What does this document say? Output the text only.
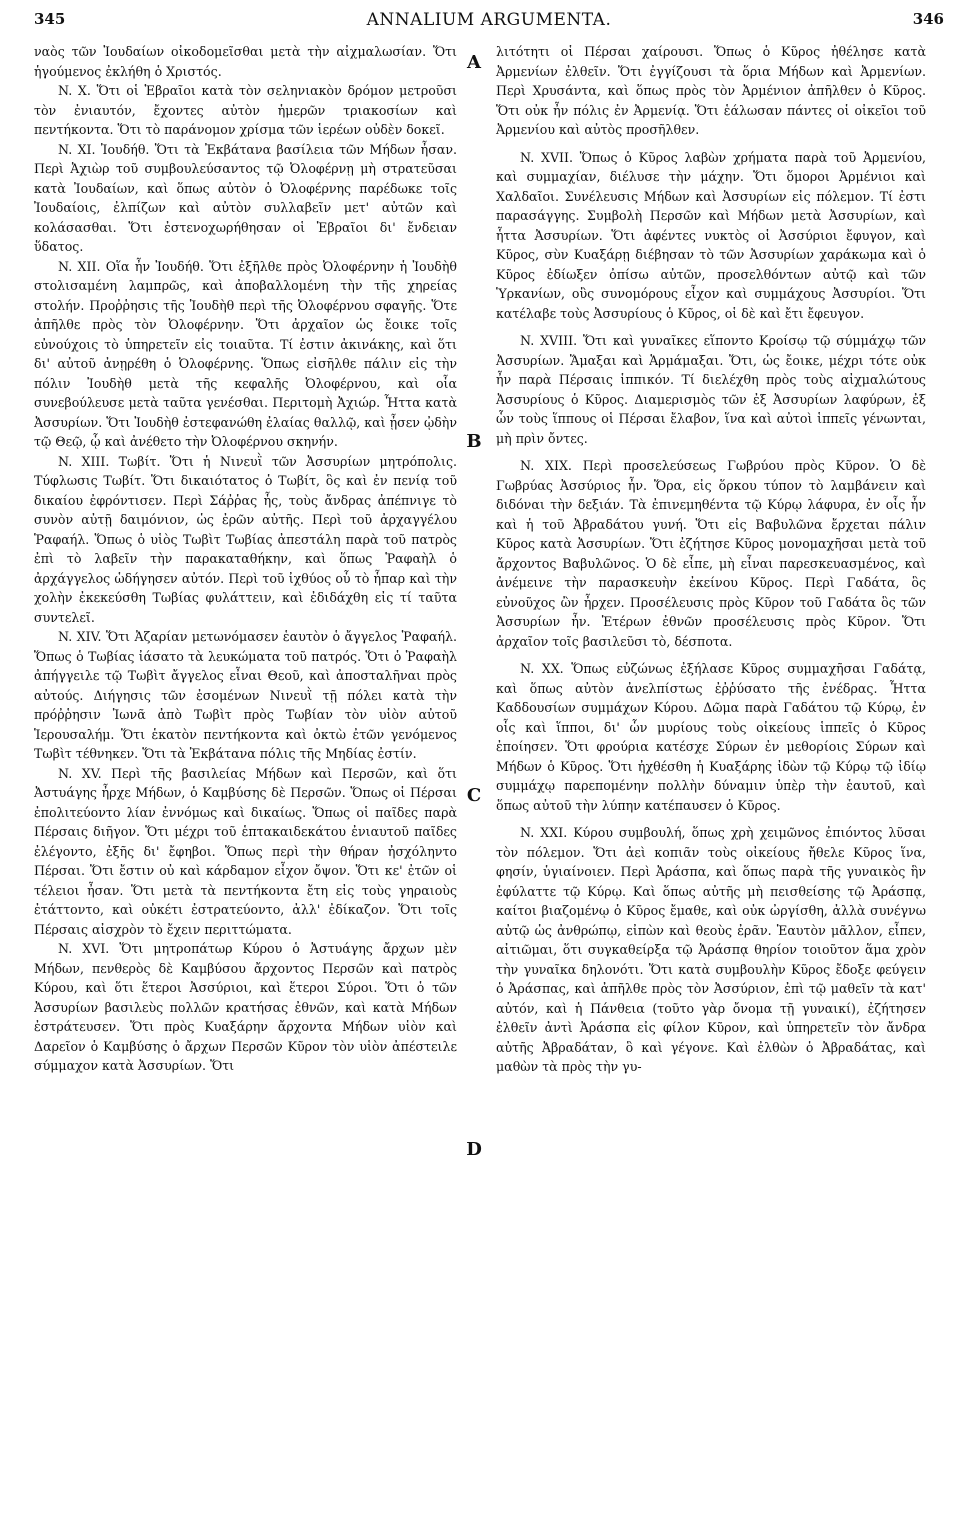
345	ANNALIUM ARGUMENTA.	346

ναὸς τῶν Ἰουδαίων οἰκοδομεῖσθαι μετὰ τὴν αἰχμαλωσίαν. Ὅτι ἡγούμενος ἐκλήθη ὁ Χριστός.

N. X. Ὅτι οἱ Ἑβραῖοι κατὰ τὸν σεληνιακὸν δρόμον μετροῦσι τὸν ἐνιαυτόν, ἔχοντες αὐτὸν ἡμερῶν τριακοσίων καὶ πεντήκοντα. Ὅτι τὸ παράνομον χρίσμα τῶν ἱερέων οὐδὲν δοκεῖ.

N. XI. Ἰουδήθ. Ὅτι τὰ Ἐκβάτανα βασίλεια τῶν Μήδων ἦσαν. Περὶ Ἀχιὼρ τοῦ συμβουλεύσαντος τῷ Ὀλοφέρνῃ μὴ στρατεῦσαι κατὰ Ἰουδαίων, καὶ ὅπως αὐτὸν ὁ Ὀλοφέρνης παρέδωκε τοῖς Ἰουδαίοις, ἐλπίζων καὶ αὐτὸν συλλαβεῖν μετ' αὐτῶν καὶ κολάσασθαι. Ὅτι ἐστενοχωρήθησαν οἱ Ἑβραῖοι δι' ἔνδειαν ὕδατος.

N. XII. Οἵα ἦν Ἰουδήθ. Ὅτι ἐξῆλθε πρὸς Ὀλοφέρνην ἡ Ἰουδὴθ στολισαμένη λαμπρῶς, καὶ ἀποβαλλομένη τὴν τῆς χηρείας στολήν. Προῤῥησις τῆς Ἰουδὴθ περὶ τῆς Ὀλοφέρνου σφαγῆς. Ὅτε ἀπῆλθε πρὸς τὸν Ὀλοφέρνην. Ὅτι ἀρχαῖον ὡς ἔοικε τοῖς εὐνούχοις τὸ ὑπηρετεῖν εἰς τοιαῦτα. Τί ἐστιν ἀκινάκης, καὶ ὅτι δι' αὐτοῦ ἀνῃρέθη ὁ Ὀλοφέρνης. Ὅπως εἰσῆλθε πάλιν εἰς τὴν πόλιν Ἰουδὴθ μετὰ τῆς κεφαλῆς Ὀλοφέρνου, καὶ οἷα συνεβούλευσε μετὰ ταῦτα γενέσθαι. Περιτομὴ Ἀχιώρ. Ἧττα κατὰ Ἀσσυρίων. Ὅτι Ἰουδὴθ ἐστεφανώθη ἐλαίας θαλλῷ, καὶ ᾖσεν ᾠδὴν τῷ Θεῷ, ᾧ καὶ ἀνέθετο τὴν Ὀλοφέρνου σκηνήν.

N. XIII. Τωβίτ. Ὅτι ἡ Νινευῒ τῶν Ἀσσυρίων μητρόπολις. Τύφλωσις Τωβίτ. Ὅτι δικαιότατος ὁ Τωβίτ, ὃς καὶ ἐν πενίᾳ τοῦ δικαίου ἐφρόντισεν. Περὶ Σάῤῥας ἧς, τοὺς ἄνδρας ἀπέπνιγε τὸ συνὸν αὐτῇ δαιμόνιον, ὡς ἐρῶν αὐτῆς. Περὶ τοῦ ἀρχαγγέλου Ῥαφαήλ. Ὅπως ὁ υἱὸς Τωβὶτ Τωβίας ἀπεστάλη παρὰ τοῦ πατρὸς ἐπὶ τὸ λαβεῖν τὴν παρακαταθήκην, καὶ ὅπως Ῥαφαὴλ ὁ ἀρχάγγελος ὡδήγησεν αὐτόν. Περὶ τοῦ ἰχθύος οὗ τὸ ἧπαρ καὶ τὴν χολὴν ἐκεκεύσθη Τωβίας φυλάττειν, καὶ ἐδιδάχθη εἰς τί ταῦτα συντελεῖ.

N. XIV. Ὅτι Ἀζαρίαν μετωνόμασεν ἑαυτὸν ὁ ἄγγελος Ῥαφαήλ. Ὅπως ὁ Τωβίας ἰάσατο τὰ λευκώματα τοῦ πατρός. Ὅτι ὁ Ῥαφαὴλ ἀπήγγειλε τῷ Τωβὶτ ἄγγελος εἶναι Θεοῦ, καὶ ἀποσταλῆναι πρὸς αὐτούς. Διήγησις τῶν ἐσομένων Νινευῒ τῇ πόλει κατὰ τὴν πρόῤῥησιν Ἰωνᾶ ἀπὸ Τωβὶτ πρὸς Τωβίαν τὸν υἱὸν αὐτοῦ Ἱερουσαλήμ. Ὅτι ἑκατὸν πεντήκοντα καὶ ὀκτὼ ἐτῶν γενόμενος Τωβὶτ τέθνηκεν. Ὅτι τὰ Ἐκβάτανα πόλις τῆς Μηδίας ἐστίν.

N. XV. Περὶ τῆς βασιλείας Μήδων καὶ Περσῶν, καὶ ὅτι Ἀστυάγης ἦρχε Μήδων, ὁ Καμβύσης δὲ Περσῶν. Ὅπως οἱ Πέρσαι ἐπολιτεύοντο λίαν ἐννόμως καὶ δικαίως. Ὅπως οἱ παῖδες παρὰ Πέρσαις διῆγον. Ὅτι μέχρι τοῦ ἑπτακαιδεκάτου ἐνιαυτοῦ παῖδες ἐλέγοντο, ἐξῆς δι' ἔφηβοι. Ὅπως περὶ τὴν θήραν ἠσχόληντο Πέρσαι. Ὅτι ἔστιν οὐ καὶ κάρδαμον εἶχον ὄψον. Ὅτι κε' ἐτῶν οἱ τέλειοι ἦσαν. Ὅτι μετὰ τὰ πεντήκοντα ἔτη εἰς τοὺς γηραιοὺς ἐτάττοντο, καὶ οὐκέτι ἐστρατεύοντο, ἀλλ' ἐδίκαζον. Ὅτι τοῖς Πέρσαις αἰσχρὸν τὸ ἔχειν περιττώματα.

N. XVI. Ὅτι μητροπάτωρ Κύρου ὁ Ἀστυάγης ἄρχων μὲν Μήδων, πενθερὸς δὲ Καμβύσου ἄρχοντος Περσῶν καὶ πατρὸς Κύρου, καὶ ὅτι ἕτεροι Ἀσσύριοι, καὶ ἕτεροι Σύροι. Ὅτι ὁ τῶν Ἀσσυρίων βασιλεὺς πολλῶν κρατήσας ἐθνῶν, καὶ κατὰ Μήδων ἐστράτευσεν. Ὅτι πρὸς Κυαξάρην ἄρχοντα Μήδων υἱὸν καὶ Δαρεῖον ὁ Καμβύσης ὁ ἄρχων Περσῶν Κῦρον τὸν υἱὸν ἀπέστειλε σύμμαχον κατὰ Ἀσσυρίων. Ὅτι

A
B
C
D

λιτότητι οἱ Πέρσαι χαίρουσι. Ὅπως ὁ Κῦρος ἠθέλησε κατὰ Ἀρμενίων ἐλθεῖν. Ὅτι ἐγγίζουσι τὰ ὅρια Μήδων καὶ Ἀρμενίων. Περὶ Χρυσάντα, καὶ ὅπως πρὸς τὸν Ἀρμένιον ἀπῆλθεν ὁ Κῦρος. Ὅτι οὐκ ἦν πόλις ἐν Ἀρμενίᾳ. Ὅτι ἑάλωσαν πάντες οἱ οἰκεῖοι τοῦ Ἀρμενίου καὶ αὐτὸς προσῆλθεν.

N. XVII. Ὅπως ὁ Κῦρος λαβὼν χρήματα παρὰ τοῦ Ἀρμενίου, καὶ συμμαχίαν, διέλυσε τὴν μάχην. Ὅτι ὅμοροι Ἀρμένιοι καὶ Χαλδαῖοι. Συνέλευσις Μήδων καὶ Ἀσσυρίων εἰς πόλεμον. Τί ἐστι παρασάγγης. Συμβολὴ Περσῶν καὶ Μήδων μετὰ Ἀσσυρίων, καὶ ἧττα Ἀσσυρίων. Ὅτι ἀφέντες νυκτὸς οἱ Ἀσσύριοι ἔφυγον, καὶ Κῦρος, σὺν Κυαξάρῃ διέβησαν τὸ τῶν Ἀσσυρίων χαράκωμα καὶ ὁ Κῦρος ἐδίωξεν ὀπίσω αὐτῶν, προσελθόντων αὐτῷ καὶ τῶν Ὑρκανίων, οὓς συνομόρους εἶχον καὶ συμμάχους Ἀσσυρίοι. Ὅτι κατέλαβε τοὺς Ἀσσυρίους ὁ Κῦρος, οἱ δὲ καὶ ἔτι ἔφευγον.

N. XVIII. Ὅτι καὶ γυναῖκες εἵποντο Κροίσῳ τῷ σύμμάχῳ τῶν Ἀσσυρίων. Ἅμαξαι καὶ Ἁρμάμαξαι. Ὅτι, ὡς ἔοικε, μέχρι τότε οὐκ ἦν παρὰ Πέρσαις ἱππικόν. Τί διελέχθη πρὸς τοὺς αἰχμαλώτους Ἀσσυρίους ὁ Κῦρος. Διαμερισμὸς τῶν ἐξ Ἀσσυρίων λαφύρων, ἐξ ὧν τοὺς ἵππους οἱ Πέρσαι ἔλαβον, ἵνα καὶ αὐτοὶ ἱππεῖς γένωνται, μὴ πρὶν ὄντες.

N. XIX. Περὶ προσελεύσεως Γωβρύου πρὸς Κῦρον. Ὁ δὲ Γωβρύας Ἀσσύριος ἦν. Ὅρα, εἰς ὅρκου τύπον τὸ λαμβάνειν καὶ διδόναι τὴν δεξιάν. Τὰ ἐπινεμηθέντα τῷ Κύρῳ λάφυρα, ἐν οἷς ἦν καὶ ἡ τοῦ Ἀβραδάτου γυνή. Ὅτι εἰς Βαβυλῶνα ἔρχεται πάλιν Κῦρος κατὰ Ἀσσυρίων. Ὅτι ἐζήτησε Κῦρος μονομαχῆσαι μετὰ τοῦ ἄρχοντος Βαβυλῶνος. Ὁ δὲ εἶπε, μὴ εἶναι παρεσκευασμένος, καὶ ἀνέμεινε τὴν παρασκευὴν ἐκείνου Κῦρος. Περὶ Γαδάτα, ὃς εὐνοῦχος ὢν ἦρχεν. Προσέλευσις πρὸς Κῦρον τοῦ Γαδάτα ὃς τῶν Ἀσσυρίων ἦν. Ἑτέρων ἐθνῶν προσέλευσις πρὸς Κῦρον. Ὅτι ἀρχαῖον τοῖς βασιλεῦσι τὸ, δέσποτα.

N. XX. Ὅπως εὐζώνως ἐξήλασε Κῦρος συμμαχῆσαι Γαδάτᾳ, καὶ ὅπως αὐτὸν ἀνελπίστως ἐῤῥύσατο τῆς ἐνέδρας. Ἧττα Καδδουσίων συμμάχων Κύρου. Δῶμα παρὰ Γαδάτου τῷ Κύρῳ, ἐν οἷς καὶ ἵπποι, δι' ὧν μυρίους τοὺς οἰκείους ἱππεῖς ὁ Κῦρος ἐποίησεν. Ὅτι φρούρια κατέσχε Σύρων ἐν μεθορίοις Σύρων καὶ Μήδων ὁ Κῦρος. Ὅτι ἠχθέσθη ἡ Κυαξάρης ἰδὼν τῷ Κύρῳ τῷ ἰδίῳ συμμάχῳ παρεπομένην πολλὴν δύναμιν ὑπὲρ τὴν ἑαυτοῦ, καὶ ὅπως αὐτοῦ τὴν λύπην κατέπαυσεν ὁ Κῦρος.

N. XXI. Κύρου συμβουλή, ὅπως χρὴ χειμῶνος ἐπιόντος λῦσαι τὸν πόλεμον. Ὅτι ἀεὶ κοπιᾶν τοὺς οἰκείους ἤθελε Κῦρος ἵνα, φησίν, ὑγιαίνοιεν. Περὶ Ἀράσπα, καὶ ὅπως παρὰ τῆς γυναικὸς ἣν ἐφύλαττε τῷ Κύρῳ. Καὶ ὅπως αὐτῆς μὴ πεισθείσης τῷ Ἀράσπᾳ, καίτοι βιαζομένῳ ὁ Κῦρος ἔμαθε, καὶ οὐκ ὠργίσθη, ἀλλὰ συνέγνω αὐτῷ ὡς ἀνθρώπῳ, εἰπὼν καὶ θεοὺς ἐρᾶν. Ἑαυτὸν μᾶλλον, εἶπεν, αἰτιῶμαι, ὅτι συγκαθείρξα τῷ Ἀράσπᾳ θηρίον τοιοῦτον ἅμα χρὸν τὴν γυναῖκα δηλονότι. Ὅτι κατὰ συμβουλὴν Κῦρος ἔδοξε φεύγειν ὁ Ἀράσπας, καὶ ἀπῆλθε πρὸς τὸν Ἀσσύριον, ἐπὶ τῷ μαθεῖν τὰ κατ' αὐτόν, καὶ ἡ Πάνθεια (τοῦτο γὰρ ὄνομα τῇ γυναικί), ἐζήτησεν ἐλθεῖν ἀντὶ Ἀράσπα εἰς φίλον Κῦρον, καὶ ὑπηρετεῖν τὸν ἄνδρα αὐτῆς Ἀβραδάταν, ὃ καὶ γέγονε. Καὶ ἐλθὼν ὁ Ἀβραδάτας, καὶ μαθὼν τὰ πρὸς τὴν γυ-
